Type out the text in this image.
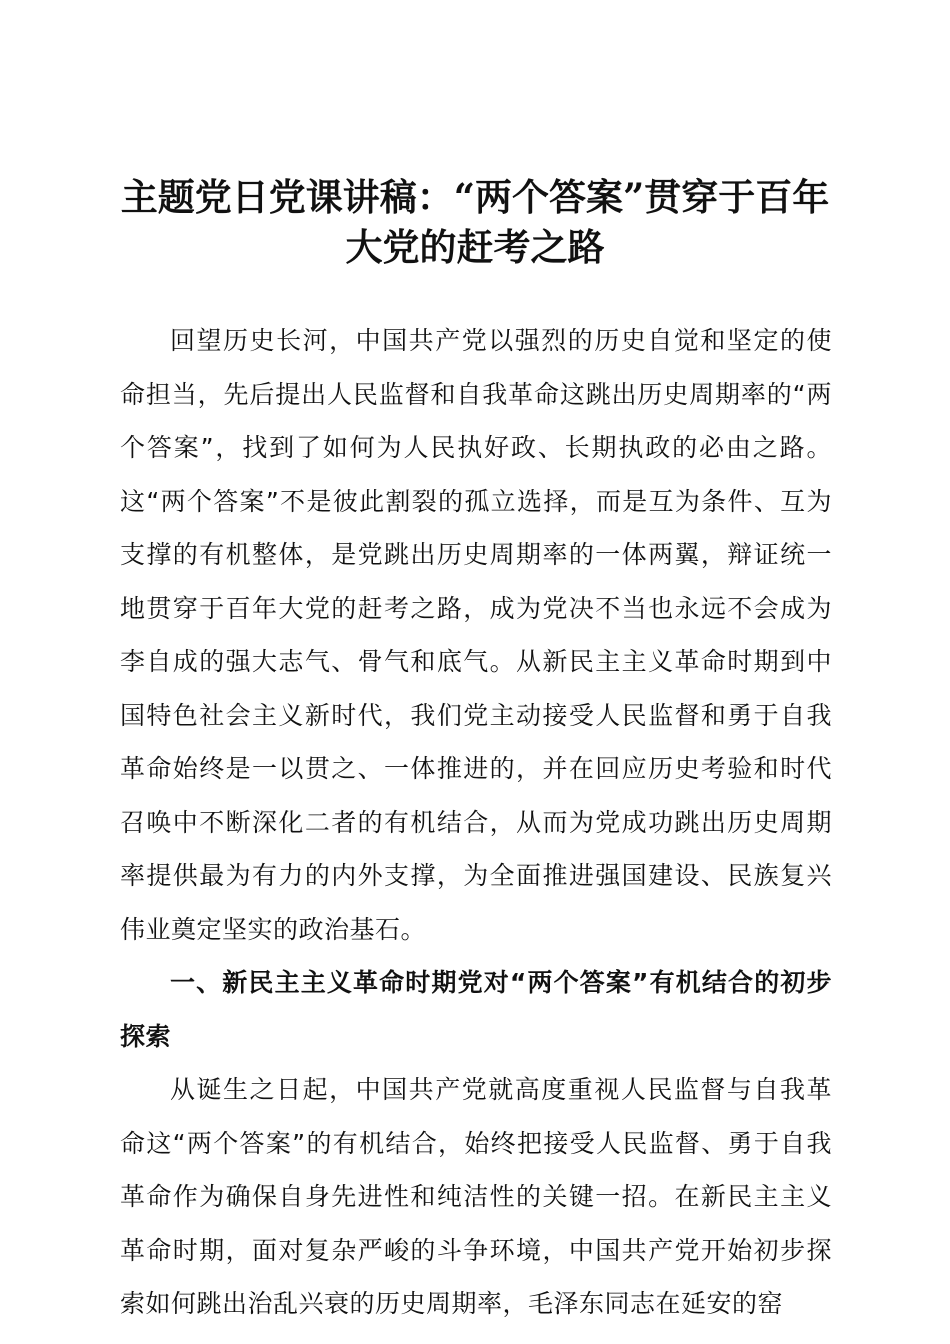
主题党日党课讲稿：“两个答案”贯穿于百年
大党的赶考之路

回望历史长河，中国共产党以强烈的历史自觉和坚定的使命担当，先后提出人民监督和自我革命这跳出历史周期率的“两个答案”，找到了如何为人民执好政、长期执政的必由之路。这“两个答案”不是彼此割裂的孤立选择，而是互为条件、互为支撑的有机整体，是党跳出历史周期率的一体两翼，辩证统一地贯穿于百年大党的赶考之路，成为党决不当也永远不会成为李自成的强大志气、骨气和底气。从新民主主义革命时期到中国特色社会主义新时代，我们党主动接受人民监督和勇于自我革命始终是一以贯之、一体推进的，并在回应历史考验和时代召唤中不断深化二者的有机结合，从而为党成功跳出历史周期率提供最为有力的内外支撑，为全面推进强国建设、民族复兴伟业奠定坚实的政治基石。

一、新民主主义革命时期党对“两个答案”有机结合的初步探索

从诞生之日起，中国共产党就高度重视人民监督与自我革命这“两个答案”的有机结合，始终把接受人民监督、勇于自我革命作为确保自身先进性和纯洁性的关键一招。在新民主主义革命时期，面对复杂严峻的斗争环境，中国共产党开始初步探索如何跳出治乱兴衰的历史周期率，毛泽东同志在延安的窑
